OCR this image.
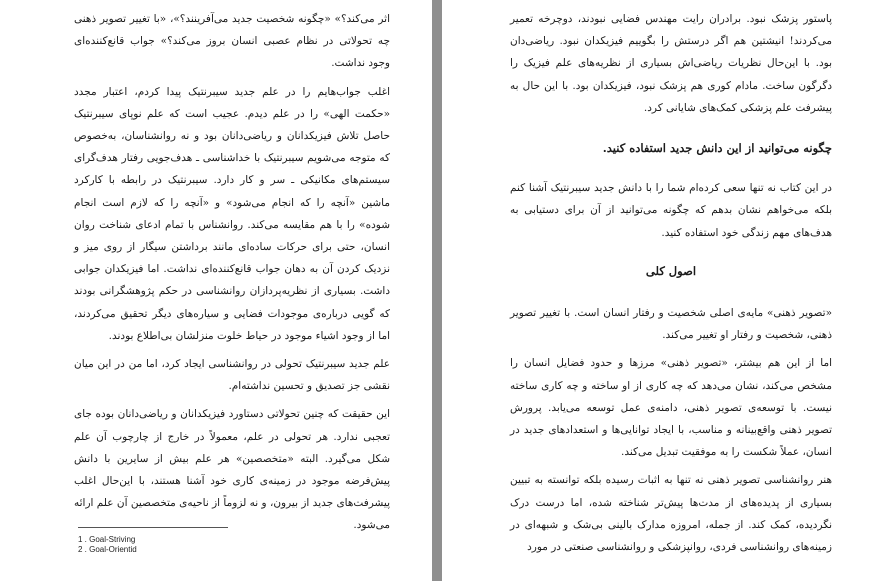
اثر می‌کند؟» «چگونه شخصیت جدید می‌آفرینند؟»، «با تغییر تصویر ذهنی چه تحولاتی در نظام عصبی انسان بروز می‌کند؟» جواب قانع‌کننده‌ای وجود نداشت.

اغلب جواب‌هایم را در علم جدید سیبرنتیک پیدا کردم، اعتبار مجدد «حکمت الهی» را در علم دیدم. عجیب است که علم نوپای سیبرنتیک حاصل تلاش فیزیکدانان و ریاضی‌دانان بود و نه روانشناسان، به‌خصوص که متوجه می‌شویم سیبرنتیک با خداشناسی ـ هدف‌جویی رفتار هدف‌گرای سیستم‌های مکانیکی ـ سر و کار دارد. سیبرنتیک در رابطه با کارکرد ماشین «آنچه را که انجام می‌شود» و «آنچه را که لازم است انجام شوده» را با هم مقایسه می‌کند. روانشناس با تمام ادعای شناخت روان انسان، حتی برای حرکات ساده‌ای مانند برداشتن سیگار از روی میز و نزدیک کردن آن به دهان جواب قانع‌کننده‌ای نداشت. اما فیزیکدان جوابی داشت. بسیاری از نظریه‌پردازان روانشناسی در حکم پژوهشگرانی بودند که گویی درباره‌ی موجودات فضایی و سیاره‌های دیگر تحقیق می‌کردند، اما از وجود اشیاء موجود در حیاط خلوت منزلشان بی‌اطلاع بودند.

علم جدید سیبرنتیک تحولی در روانشناسی ایجاد کرد، اما من در این میان نقشی جز تصدیق و تحسین نداشته‌ام.

این حقیقت که چنین تحولاتی دستاورد فیزیکدانان و ریاضی‌دانان بوده جای تعجبی ندارد. هر تحولی در علم، معمولاً در خارج از چارچوب آن علم شکل می‌گیرد. البته «متخصصین» هر علم بیش از سایرین با دانش پیش‌فرضه موجود در زمینه‌ی کاری خود آشنا هستند، با این‌حال اغلب پیشرفت‌های جدید از بیرون، و نه لزوماً از ناحیه‌ی متخصصین آن علم ارائه می‌شود.

1 . Goal-Striving
2 . Goal-Orientid

پاستور پزشک نبود. برادران رایت مهندس فضایی نبودند، دوچرخه تعمیر می‌کردند! انیشتین هم اگر درستش را بگوییم فیزیکدان نبود. ریاضی‌دان بود. با این‌حال نظریات ریاضی‌اش بسیاری از نظریه‌های علم فیزیک را دگرگون ساخت. مادام کوری هم پزشک نبود، فیزیکدان بود. با این حال به پیشرفت علم پزشکی کمک‌های شایانی کرد.

چگونه می‌توانید از این دانش جدید استفاده کنید.

در این کتاب نه تنها سعی کرده‌ام شما را با دانش جدید سیبرنتیک آشنا کنم بلکه می‌خواهم نشان بدهم که چگونه می‌توانید از آن برای دستیابی به هدف‌های مهم زندگی خود استفاده کنید.

اصول کلی

«تصویر ذهنی» مایه‌ی اصلی شخصیت و رفتار انسان است. با تغییر تصویر ذهنی، شخصیت و رفتار او تغییر می‌کند.

اما از این هم بیشتر، «تصویر ذهنی» مرزها و حدود فضایل انسان را مشخص می‌کند، نشان می‌دهد که چه کاری از او ساخته و چه کاری ساخته نیست. با توسعه‌ی تصویر ذهنی، دامنه‌ی عمل توسعه می‌یابد. پرورش تصویر ذهنی واقع‌بینانه و مناسب، با ایجاد توانایی‌ها و استعدادهای جدید در انسان، عملاً شکست را به موفقیت تبدیل می‌کند.

هنر روانشناسی تصویر ذهنی نه تنها به اثبات رسیده بلکه توانسته به تبیین بسیاری از پدیده‌های از مدت‌ها پیش‌تر شناخته شده، اما درست درک نگردیده، کمک کند. از جمله، امروزه مدارک بالینی بی‌شک و شبهه‌ای در زمینه‌های روانشناسی فردی، روانپزشکی و روانشناسی صنعتی در مورد
